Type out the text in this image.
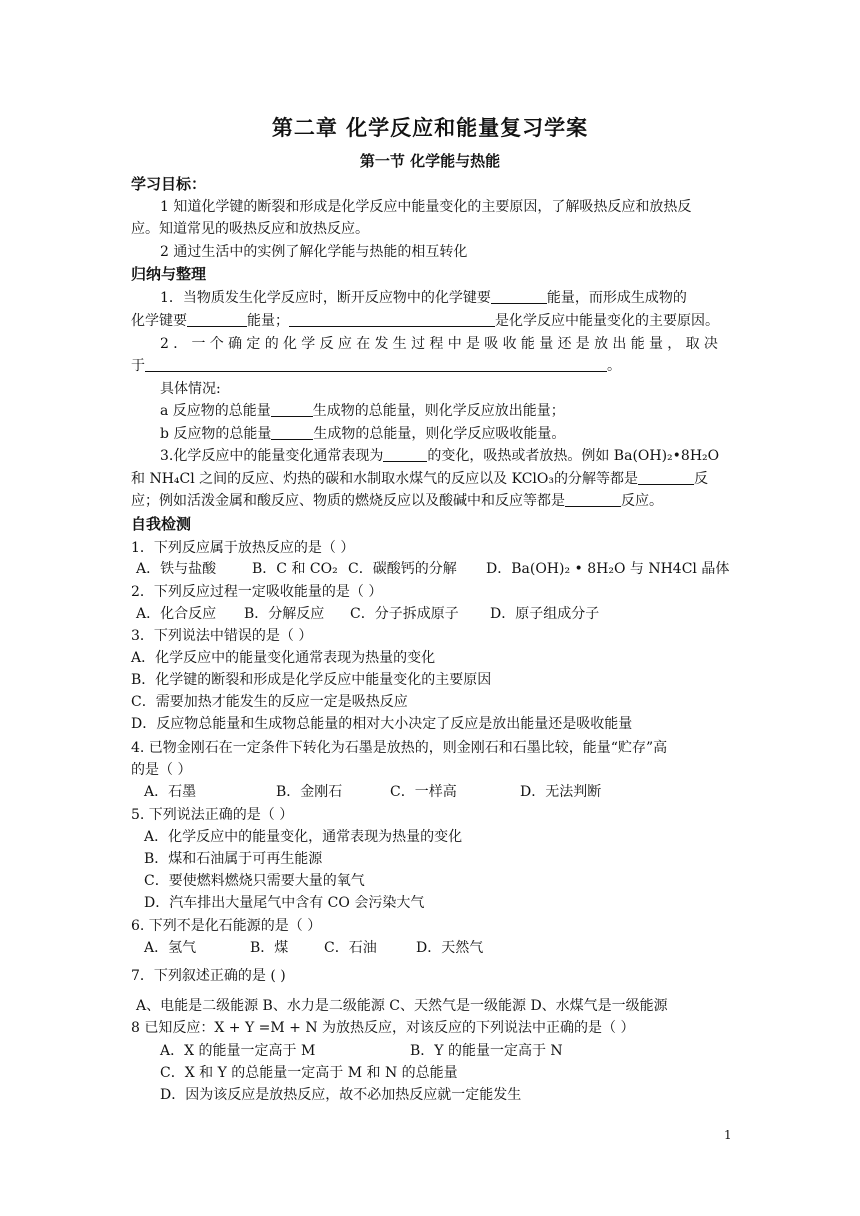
第二章 化学反应和能量复习学案
第一节 化学能与热能
学习目标：
1 知道化学键的断裂和形成是化学反应中能量变化的主要原因，了解吸热反应和放热反
应。知道常见的吸热反应和放热反应。
2 通过生活中的实例了解化学能与热能的相互转化
归纳与整理
1．当物质发生化学反应时，断开反应物中的化学键要	能量，而形成生成物的
化学键要	能量；	是化学反应中能量变化的主要原因。
2．一个确定的化学反应在发生过程中是吸收能量还是放出能量，取决
于	。
具体情况:
a 反应物的总能量	生成物的总能量，则化学反应放出能量；
b 反应物的总能量	生成物的总能量，则化学反应吸收能量。
3.化学反应中的能量变化通常表现为	的变化，吸热或者放热。例如 Ba(OH)₂•8H₂O
和 NH₄Cl 之间的反应、灼热的碳和水制取水煤气的反应以及 KClO₃的分解等都是	反
应；例如活泼金属和酸反应、物质的燃烧反应以及酸碱中和反应等都是	反应。
自我检测
1．下列反应属于放热反应的是（ ）
A．铁与盐酸	B．C 和 CO₂ C．碳酸钙的分解 D．Ba(OH)₂ • 8H₂O 与 NH4Cl 晶体
2．下列反应过程一定吸收能量的是（ ）
A．化合反应 B．分解反应 C．分子拆成原子 D．原子组成分子
3．下列说法中错误的是（ ）
A．化学反应中的能量变化通常表现为热量的变化
B．化学键的断裂和形成是化学反应中能量变化的主要原因
C．需要加热才能发生的反应一定是吸热反应
D．反应物总能量和生成物总能量的相对大小决定了反应是放出能量还是吸收能量
4. 已物金刚石在一定条件下转化为石墨是放热的，则金刚石和石墨比较，能量“贮存”高
的是（ ）
A．石墨	B．金刚石	C．一样高	D．无法判断
5. 下列说法正确的是（ ）
A．化学反应中的能量变化，通常表现为热量的变化
B．煤和石油属于可再生能源
C．要使燃料燃烧只需要大量的氧气
D．汽车排出大量尾气中含有 CO 会污染大气
6. 下列不是化石能源的是（ ）
A．氢气	B．煤	C．石油	D．天然气
7．下列叙述正确的是 ( )
A、电能是二级能源 B、水力是二级能源 C、天然气是一级能源 D、水煤气是一级能源
8 已知反应：X + Y =M + N 为放热反应，对该反应的下列说法中正确的是（ ）
A．X 的能量一定高于 M	B．Y 的能量一定高于 N
C．X 和 Y 的总能量一定高于 M 和 N 的总能量
D．因为该反应是放热反应，故不必加热反应就一定能发生
1
